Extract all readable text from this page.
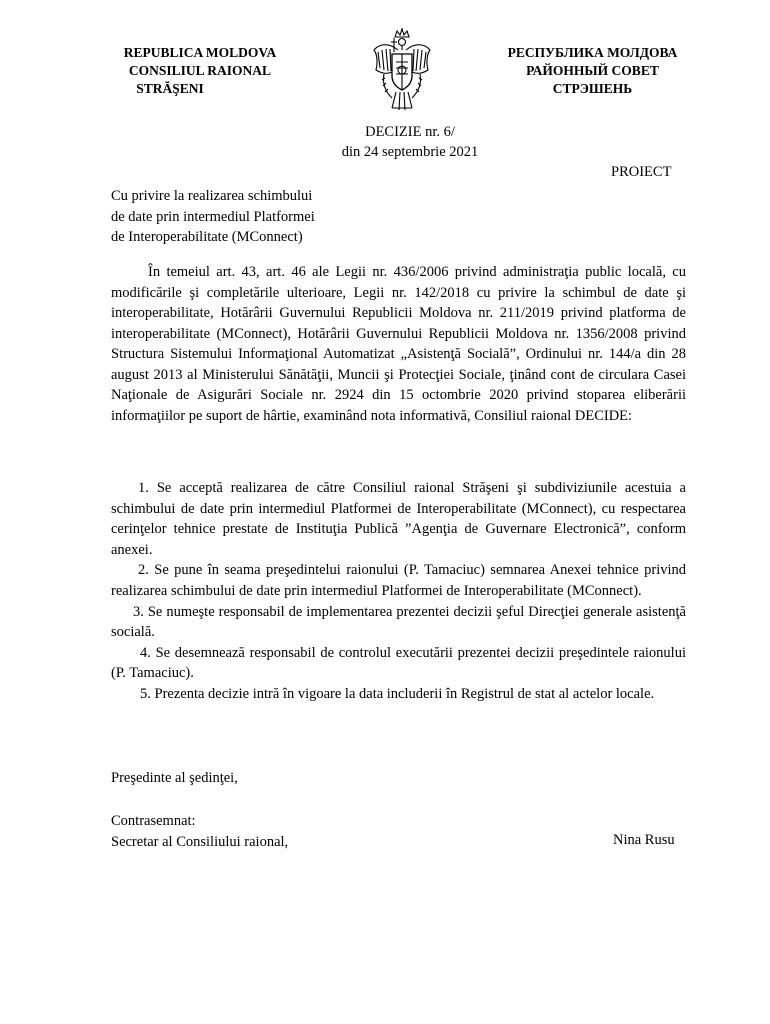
REPUBLICA MOLDOVA
CONSILIUL RAIONAL
STRĂŞENI
РЕСПУБЛИКА МОЛДОВА
РАЙОННЫЙ СОВЕТ
СТРЭШЕНЬ
DECIZIE nr. 6/
din 24 septembrie 2021
PROIECT
Cu privire la realizarea schimbului
de date prin intermediul Platformei
de Interoperabilitate (MConnect)

În temeiul art. 43, art. 46 ale Legii nr. 436/2006 privind administraţia public locală, cu modificările şi completările ulterioare, Legii nr. 142/2018 cu privire la schimbul de date şi interoperabilitate, Hotărârii Guvernului Republicii Moldova nr. 211/2019 privind platforma de interoperabilitate (MConnect), Hotărârii Guvernului Republicii Moldova nr. 1356/2008 privind Structura Sistemului Informaţional Automatizat „Asistenţă Socială”, Ordinului nr. 144/a din 28 august 2013 al Ministerului Sănătăţii, Muncii şi Protecţiei Sociale, ţinând cont de circulara Casei Naţionale de Asigurări Sociale nr. 2924 din 15 octombrie 2020 privind stoparea eliberării informaţiilor pe suport de hârtie, examinând nota informativă, Consiliul raional DECIDE:

1. Se acceptă realizarea de către Consiliul raional Străşeni şi subdiviziunile acestuia a schimbului de date prin intermediul Platformei de Interoperabilitate (MConnect), cu respectarea cerinţelor tehnice prestate de Instituţia Publică ”Agenţia de Guvernare Electronică”, conform anexei.

2. Se pune în seama preşedintelui raionului (P. Tamaciuc) semnarea Anexei tehnice privind realizarea schimbului de date prin intermediul Platformei de Interoperabilitate (MConnect).

3. Se numeşte responsabil de implementarea prezentei decizii şeful Direcţiei generale asistenţă socială.

4. Se desemnează responsabil de controlul executării prezentei decizii preşedintele raionului (P. Tamaciuc).

5. Prezenta decizie intră în vigoare la data includerii în Registrul de stat al actelor locale.

Preşedinte al şedinţei,
Contrasemnat:
Secretar al Consiliului raional,	Nina Rusu
